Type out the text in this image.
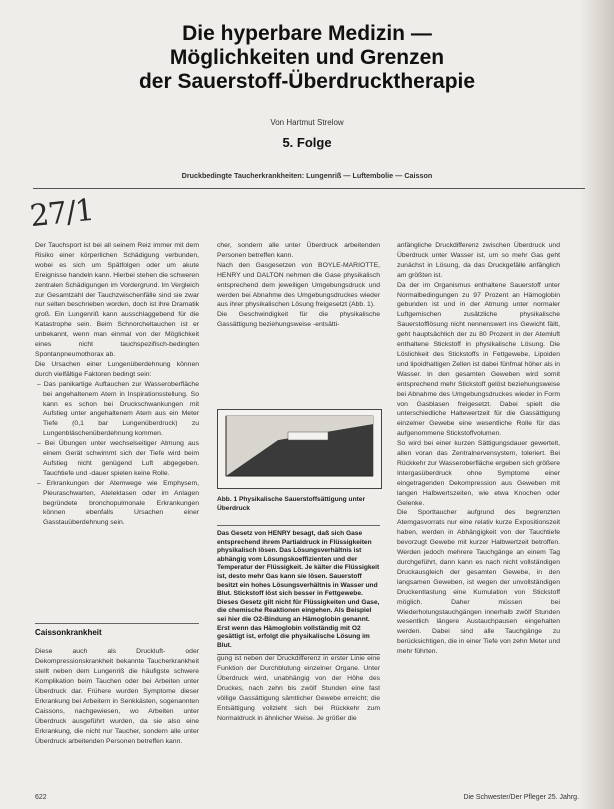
Die hyperbare Medizin —
Möglichkeiten und Grenzen
der Sauerstoff-Überdrucktherapie
Von Hartmut Strelow
5. Folge
Druckbedingte Taucherkrankheiten: Lungenriß — Luftembolie — Caisson
27/1

Der Tauchsport ist bei all seinem Reiz immer mit dem Risiko einer körperlichen Schädigung verbunden, wobei es sich um Spätfolgen oder um akute Ereignisse handeln kann. Hierbei stehen die schweren zentralen Schädigungen im Vordergrund. Im Vergleich zur Gesamtzahl der Tauchzwischenfälle sind sie zwar nur selten beschrieben worden, doch ist ihre Dramatik groß. Ein Lungenriß kann ausschlaggebend für die Katastrophe sein. Beim Schnorcheltauchen ist er unbekannt, wenn man einmal von der Möglichkeit eines nicht tauchspezifisch-bedingten Spontanpneumothorax ab.

Die Ursachen einer Lungenüberdehnung können durch vielfältige Faktoren bedingt sein:

– Das panikartige Auftauchen zur Wasseroberfläche bei angehaltenem Atem in Inspirationsstellung. So kann es schon bei Druckschwankungen mit Aufstieg unter angehaltenem Atem aus ein Meter Tiefe (0,1 bar Lungenüberdruck) zu Lungenbläschenüberdehnung kommen.

– Bei Übungen unter wechselseitiger Atmung aus einem Gerät schwimmt sich der Tiefe wird beim Aufstieg nicht genügend Luft abgegeben. Tauchtiefe und -dauer spielen keine Rolle.

– Erkrankungen der Atemwege wie Emphysem, Pleuraschwarten, Atelektasen oder im Anlagen begründete bronchopulmonale Erkrankungen können ebenfalls Ursachen einer Gasstauüberdehnung sein.

Caissonkrankheit
Diese auch als Druckluft- oder Dekompressionskrankheit bekannte Taucherkrankheit stellt neben dem Lungenriß die häufigste schwere Komplikation beim Tauchen oder bei Arbeiten unter Überdruck dar. Frühere wurden Symptome dieser Erkrankung bei Arbeitern in Senkkästen, sogenannten Caissons, nachgewiesen, wo Arbeiten unter Überdruck ausgeführt wurden, da sie also eine Erkrankung, die nicht nur Taucher, sondern alle unter Überdruck arbeitenden Personen betreffen kann.

cher, sondern alle unter Überdruck arbeitenden Personen betreffen kann.

Nach den Gasgesetzen von BOYLE-MARIOTTE, HENRY und DALTON nehmen die Gase physikalisch entsprechend dem jeweiligen Umgebungsdruck und werden bei Abnahme des Umgebungsdruckes wieder aus ihrer physikalischen Lösung freigesetzt (Abb. 1).

Die Geschwindigkeit für die physikalische Gassättigung beziehungsweise -entsätti-

Abb. 1 Physikalische Sauerstoffsättigung unter Überdruck
Das Gesetz von HENRY besagt, daß sich Gase entsprechend ihrem Partialdruck in Flüssigkeiten physikalisch lösen. Das Lösungsverhältnis ist abhängig vom Lösungskoeffizienten und der Temperatur der Flüssigkeit. Je kälter die Flüssigkeit ist, desto mehr Gas kann sie lösen. Sauerstoff besitzt ein hohes Lösungsverhältnis in Wasser und Blut. Stickstoff löst sich besser in Fettgewebe. Dieses Gesetz gilt nicht für Flüssigkeiten und Gase, die chemische Reaktionen eingehen. Als Beispiel sei hier die O2-Bindung an Hämoglobin genannt. Erst wenn das Hämoglobin vollständig mit O2 gesättigt ist, erfolgt die physikalische Lösung im Blut.
gung ist neben der Druckdifferenz in erster Linie eine Funktion der Durchblutung einzelner Organe. Unter Überdruck wird, unabhängig von der Höhe des Druckes, nach zehn bis zwölf Stunden eine fast völlige Gassättigung sämtlicher Gewebe erreicht; die Entsättigung vollzieht sich bei Rückkehr zum Normaldruck in ähnlicher Weise. Je größer die

anfängliche Druckdifferenz zwischen Überdruck und Überdruck unter Wasser ist, um so mehr Gas geht zunächst in Lösung, da das Druckgefälle anfänglich am größten ist.

Da der im Organismus enthaltene Sauerstoff unter Normalbedingungen zu 97 Prozent an Hämoglobin gebunden ist und in der Atmung unter normaler Luftgemischen zusätzliche physikalische Sauerstofflösung nicht nennenswert ins Gewicht fällt, geht hauptsächlich der zu 80 Prozent in der Atemluft enthaltene Stickstoff in physikalische Lösung. Die Löslichkeit des Stickstoffs in Fettgewebe, Lipoiden und lipoidhaltigen Zellen ist dabei fünfmal höher als in Wasser. In den gesamten Geweben wird somit entsprechend mehr Stickstoff gelöst beziehungsweise bei Abnahme des Umgebungsdruckes wieder in Form von Gasblasen freigesetzt. Dabei spielt die unterschiedliche Haltewertzeit für die Gassättigung einzelner Gewebe eine wesentliche Rolle für das aufgenommene Stickstoffvolumen.

So wird bei einer kurzen Sättigungsdauer gewertelt, allen voran das Zentralnervensystem, toleriert. Bei Rückkehr zur Wasseroberfläche ergeben sich größere Intergasüberdruck ohne Symptome einer eingetragenden Dekompression aus Geweben mit langen Halbwertszeiten, wie etwa Knochen oder Gelenke.

Die Sporttaucher aufgrund des begrenzten Atemgasvorrats nur eine relativ kurze Expositionszeit haben, werden in Abhängigkeit von der Tauchtiefe bevorzugt Gewebe mit kurzer Halbwertzeit betroffen. Werden jedoch mehrere Tauchgänge an einem Tag durchgeführt, dann kann es nach nicht vollständigen Druckausgleich der gesamten Gewebe, in den langsamen Geweben, ist wegen der unvollständigen Druckentlastung eine Kumulation von Stickstoff möglich. Daher müssen bei Wiederholungstauchgängen innerhalb zwölf Stunden wesentlich längere Austauchpausen eingehalten werden. Dabei sind alle Tauchgänge zu berücksichtigen, die in einer Tiefe von zehn Meter und mehr führten.

622	Die Schwester/Der Pfleger 25. Jahrg.
